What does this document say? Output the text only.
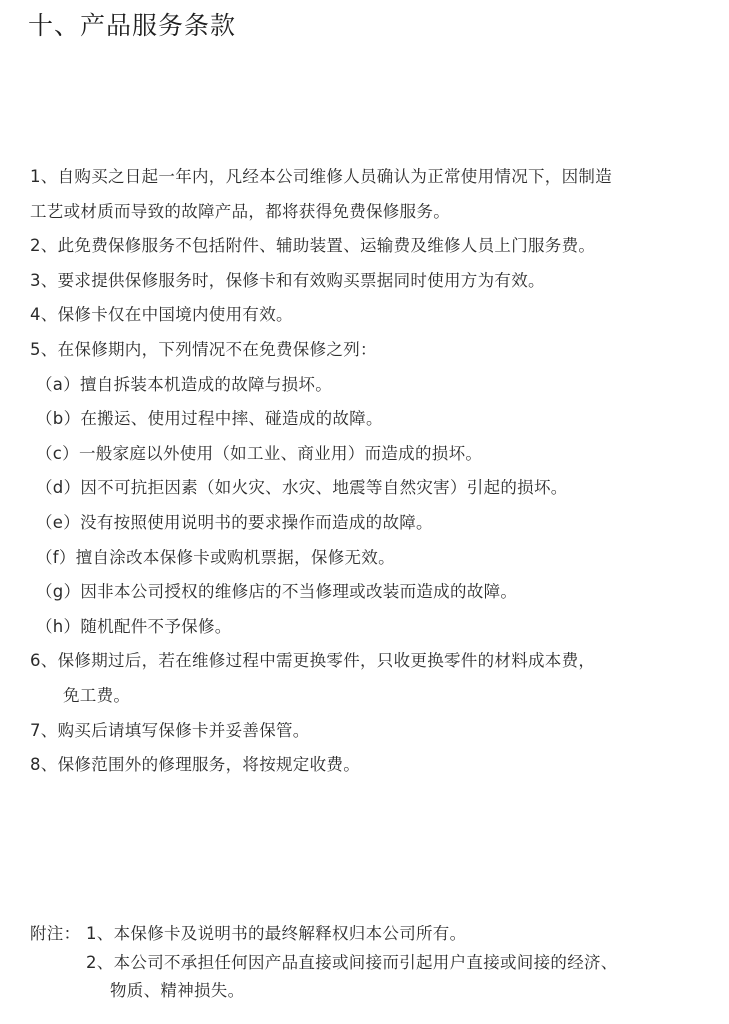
十、产品服务条款
1、自购买之日起一年内，凡经本公司维修人员确认为正常使用情况下，因制造
工艺或材质而导致的故障产品，都将获得免费保修服务。
2、此免费保修服务不包括附件、辅助装置、运输费及维修人员上门服务费。
3、要求提供保修服务时，保修卡和有效购买票据同时使用方为有效。
4、保修卡仅在中国境内使用有效。
5、在保修期内，下列情况不在免费保修之列：
（a）擅自拆装本机造成的故障与损坏。
（b）在搬运、使用过程中摔、碰造成的故障。
（c）一般家庭以外使用（如工业、商业用）而造成的损坏。
（d）因不可抗拒因素（如火灾、水灾、地震等自然灾害）引起的损坏。
（e）没有按照使用说明书的要求操作而造成的故障。
（f）擅自涂改本保修卡或购机票据，保修无效。
（g）因非本公司授权的维修店的不当修理或改装而造成的故障。
（h）随机配件不予保修。
6、保修期过后，若在维修过程中需更换零件，只收更换零件的材料成本费，
免工费。
7、购买后请填写保修卡并妥善保管。
8、保修范围外的修理服务，将按规定收费。
附注： 1、本保修卡及说明书的最终解释权归本公司所有。
2、本公司不承担任何因产品直接或间接而引起用户直接或间接的经济、
物质、精神损失。
